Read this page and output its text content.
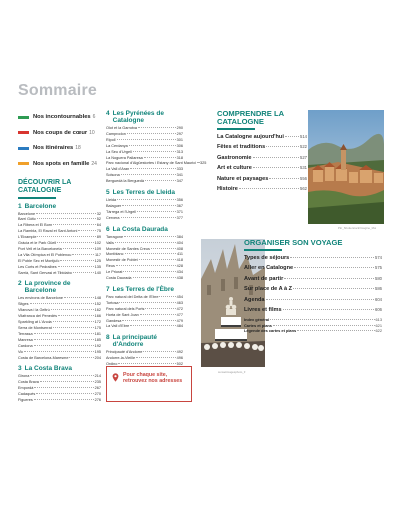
Sommaire
Nos incontournables 6
Nos coups de cœur 10
Nos itinéraires 18
Nos spots en famille 24
DÉCOUVRIR LA CATALOGNE
1 Barcelone
Barcelone	32
Barri Gòtic	52
La Ribera et El Born	64
La Rambla, El Raval et Sant Antoni	75
L'Eixample	89
Gràcia et le Park Güell	102
Port Vell et la Barceloneta	109
La Vila Olímpica et El Poblenou	117
El Poble Sec et Montjuïc	125
Les Corts et Pedralbes	135
Sarrià, Sant Gervasi et Tibidabo	140
2 La province de Barcelone
Les environs de Barcelone	148
Sitges	152
Vilanova i la Geltrú	162
Vilafranca del Penedès	166
Sparkling at L'Anoia	172
Serra de Montserrat	175
Terrassa	181
Manresa	185
Cardona	192
Vic	195
Costa de Barcelona-Maresme	204
3 La Costa Brava
Girona	214
Costa Brava	235
Empordà	267
Cadaqués	270
Figueres	276
4 Les Pyrénées de Catalogne
Olot et la Garrotxa	290
Camprodon	297
Ripoll	301
La Cerdanya	306
La Seu d'Urgell	313
La Noguera Pallaresa	318
Parc nacional d'Aigüestortes i Estany de Sant Maurici 325
La Vall d'Aran	333
Solsona	341
Berguedà la Berguedà	347
5 Les Terres de Lleida
Lleida	356
Balaguer	367
Tàrrega et l'Urgell	371
Cervera	377
6 La Costa Daurada
Tarragone	384
Valls	404
Monestir de Santes Creus	408
Montblanc	411
Monestir de Poblet	418
Reus	428
Le Priorat	434
Costa Daurada	438
7 Les Terres de l'Èbre
Parc natural del Delta de l'Ebre	454
Tortosa	463
Parc natural dels Ports	472
Horta de Sant Joan	477
Gandesa	479
La Vall d'Ebre	484
8 La principauté d'Andorre
Principauté d'Andorre	492
Andorre-la-Vieille	496
Ordino	502
Pour chaque site, retrouvez nos adresses
COMPRENDRE LA CATALOGNE
La Catalogne aujourd'hui	514
Fêtes et traditions	522
Gastronomie	527
Art et culture	531
Nature et paysages	556
Histoire	562
Pkr_Shutterstock/Imagine_Moi
sunsetimagesphoto_fr
ORGANISER SON VOYAGE
Types de séjours	574
Aller en Catalogne	575
Avant de partir	580
Sur place de A à Z	586
Agenda	604
Livres et films	606
Index général	613
Cartes et plans	621
Légende des cartes et plans	622
